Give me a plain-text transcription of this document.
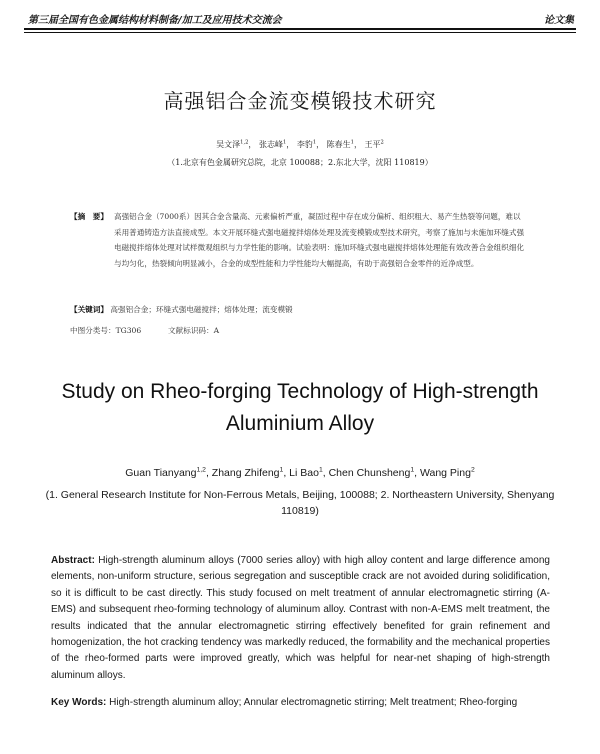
第三届全国有色金属结构材料制备/加工及应用技术交流会	论文集
高强铝合金流变模锻技术研究
吴文泽$^{1,2}$， 张志峰$^1$， 李豹$^1$， 陈春生$^1$， 王平$^2$
（1.北京有色金属研究总院，北京 100088；2.东北大学，沈阳 110819）
【摘　要】 高强铝合金（7000系）因其合金含量高、元素偏析严重，凝固过程中存在成分偏析、组织粗大、易产生热裂等问题，难以采用普通铸造方法直接成型。本文开展环缝式强电磁搅拌熔体处理及流变模锻成型技术研究，考察了施加与未施加环缝式强电磁搅拌熔体处理对试样微观组织与力学性能的影响。试验表明：施加环缝式强电磁搅拌熔体处理能有效改善合金组织细化与均匀化，热裂倾向明显减小，合金的成型性能和力学性能均大幅提高，有助于高强铝合金零件的近净成型。
【关键词】 高强铝合金；环缝式强电磁搅拌；熔体处理；流变模锻
中图分类号：TG306	文献标识码：A
Study on Rheo-forging Technology of High-strength
Aluminium Alloy
Guan Tianyang$^{1,2}$, Zhang Zhifeng$^1$, Li Bao$^1$, Chen Chunsheng$^1$, Wang Ping$^2$
(1. General Research Institute for Non-Ferrous Metals, Beijing, 100088; 2. Northeastern University, Shenyang 110819)
Abstract: High-strength aluminum alloys (7000 series alloy) with high alloy content and large difference among elements, non-uniform structure, serious segregation and susceptible crack are not avoided during solidification, so it is difficult to be cast directly. This study focused on melt treatment of annular electromagnetic stirring (A-EMS) and subsequent rheo-forming technology of aluminum alloy. Contrast with non-A-EMS melt treatment, the results indicated that the annular electromagnetic stirring effectively benefited for grain refinement and homogenization, the hot cracking tendency was markedly reduced, the formability and the mechanical properties of the rheo-formed parts were improved greatly, which was helpful for near-net shaping of high-strength aluminum alloys.
Key Words: High-strength aluminum alloy; Annular electromagnetic stirring; Melt treatment; Rheo-forging
